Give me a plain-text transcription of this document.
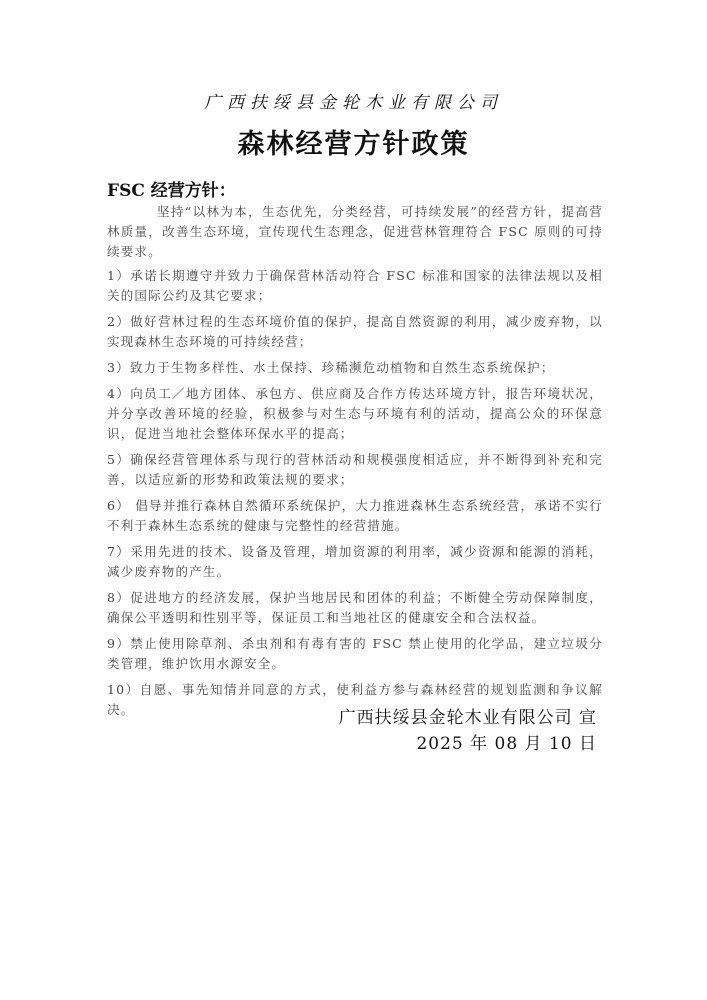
广西扶绥县金轮木业有限公司
森林经营方针政策
FSC 经营方针：

坚持“以林为本，生态优先，分类经营，可持续发展”的经营方针，提高营林质量，改善生态环境，宣传现代生态理念，促进营林管理符合 FSC 原则的可持续要求。

1）承诺长期遵守并致力于确保营林活动符合 FSC 标准和国家的法律法规以及相关的国际公约及其它要求；

2）做好营林过程的生态环境价值的保护，提高自然资源的利用，减少废弃物，以实现森林生态环境的可持续经营；

3）致力于生物多样性、水土保持、珍稀濒危动植物和自然生态系统保护；

4）向员工／地方团体、承包方、供应商及合作方传达环境方针，报告环境状况，并分享改善环境的经验，积极参与对生态与环境有利的活动，提高公众的环保意识，促进当地社会整体环保水平的提高；

5）确保经营管理体系与现行的营林活动和规模强度相适应，并不断得到补充和完善，以适应新的形势和政策法规的要求；

6） 倡导并推行森林自然循环系统保护，大力推进森林生态系统经营，承诺不实行不利于森林生态系统的健康与完整性的经营措施。

7）采用先进的技术、设备及管理，增加资源的利用率，减少资源和能源的消耗，减少废弃物的产生。

8）促进地方的经济发展，保护当地居民和团体的利益；不断健全劳动保障制度，确保公平透明和性别平等，保证员工和当地社区的健康安全和合法权益。

9）禁止使用除草剂、杀虫剂和有毒有害的 FSC 禁止使用的化学品，建立垃圾分类管理，维护饮用水源安全。

10）自愿、事先知情并同意的方式，使利益方参与森林经营的规划监测和争议解决。	广西扶绥县金轮木业有限公司 宣
2025 年 08 月 10 日
